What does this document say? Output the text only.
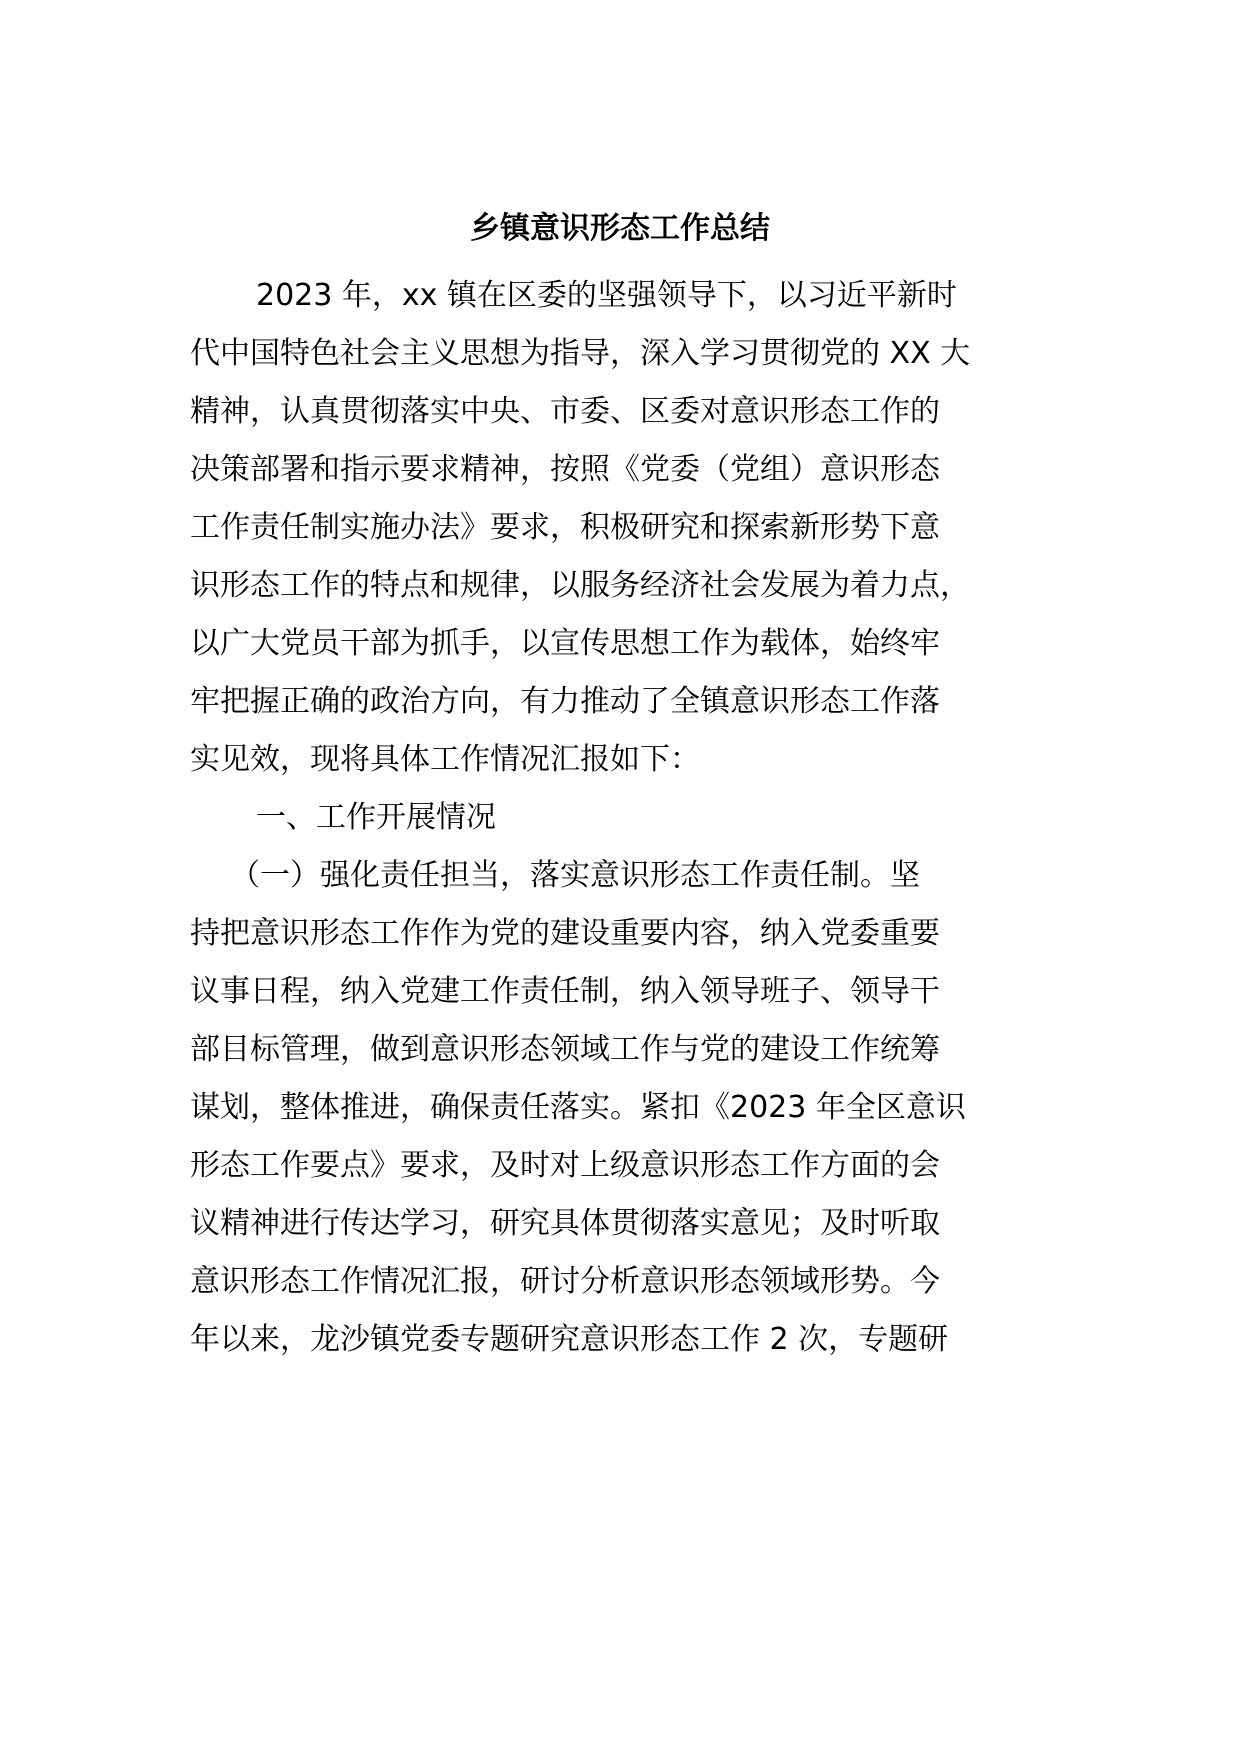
乡镇意识形态工作总结
2023 年，xx 镇在区委的坚强领导下，以习近平新时
代中国特色社会主义思想为指导，深入学习贯彻党的 XX 大
精神，认真贯彻落实中央、市委、区委对意识形态工作的
决策部署和指示要求精神，按照《党委（党组）意识形态
工作责任制实施办法》要求，积极研究和探索新形势下意
识形态工作的特点和规律，以服务经济社会发展为着力点，
以广大党员干部为抓手，以宣传思想工作为载体，始终牢
牢把握正确的政治方向，有力推动了全镇意识形态工作落
实见效，现将具体工作情况汇报如下：
一、工作开展情况
（一）强化责任担当，落实意识形态工作责任制。坚
持把意识形态工作作为党的建设重要内容，纳入党委重要
议事日程，纳入党建工作责任制，纳入领导班子、领导干
部目标管理，做到意识形态领域工作与党的建设工作统筹
谋划，整体推进，确保责任落实。紧扣《2023 年全区意识
形态工作要点》要求，及时对上级意识形态工作方面的会
议精神进行传达学习，研究具体贯彻落实意见；及时听取
意识形态工作情况汇报，研讨分析意识形态领域形势。今
年以来，龙沙镇党委专题研究意识形态工作 2 次，专题研
